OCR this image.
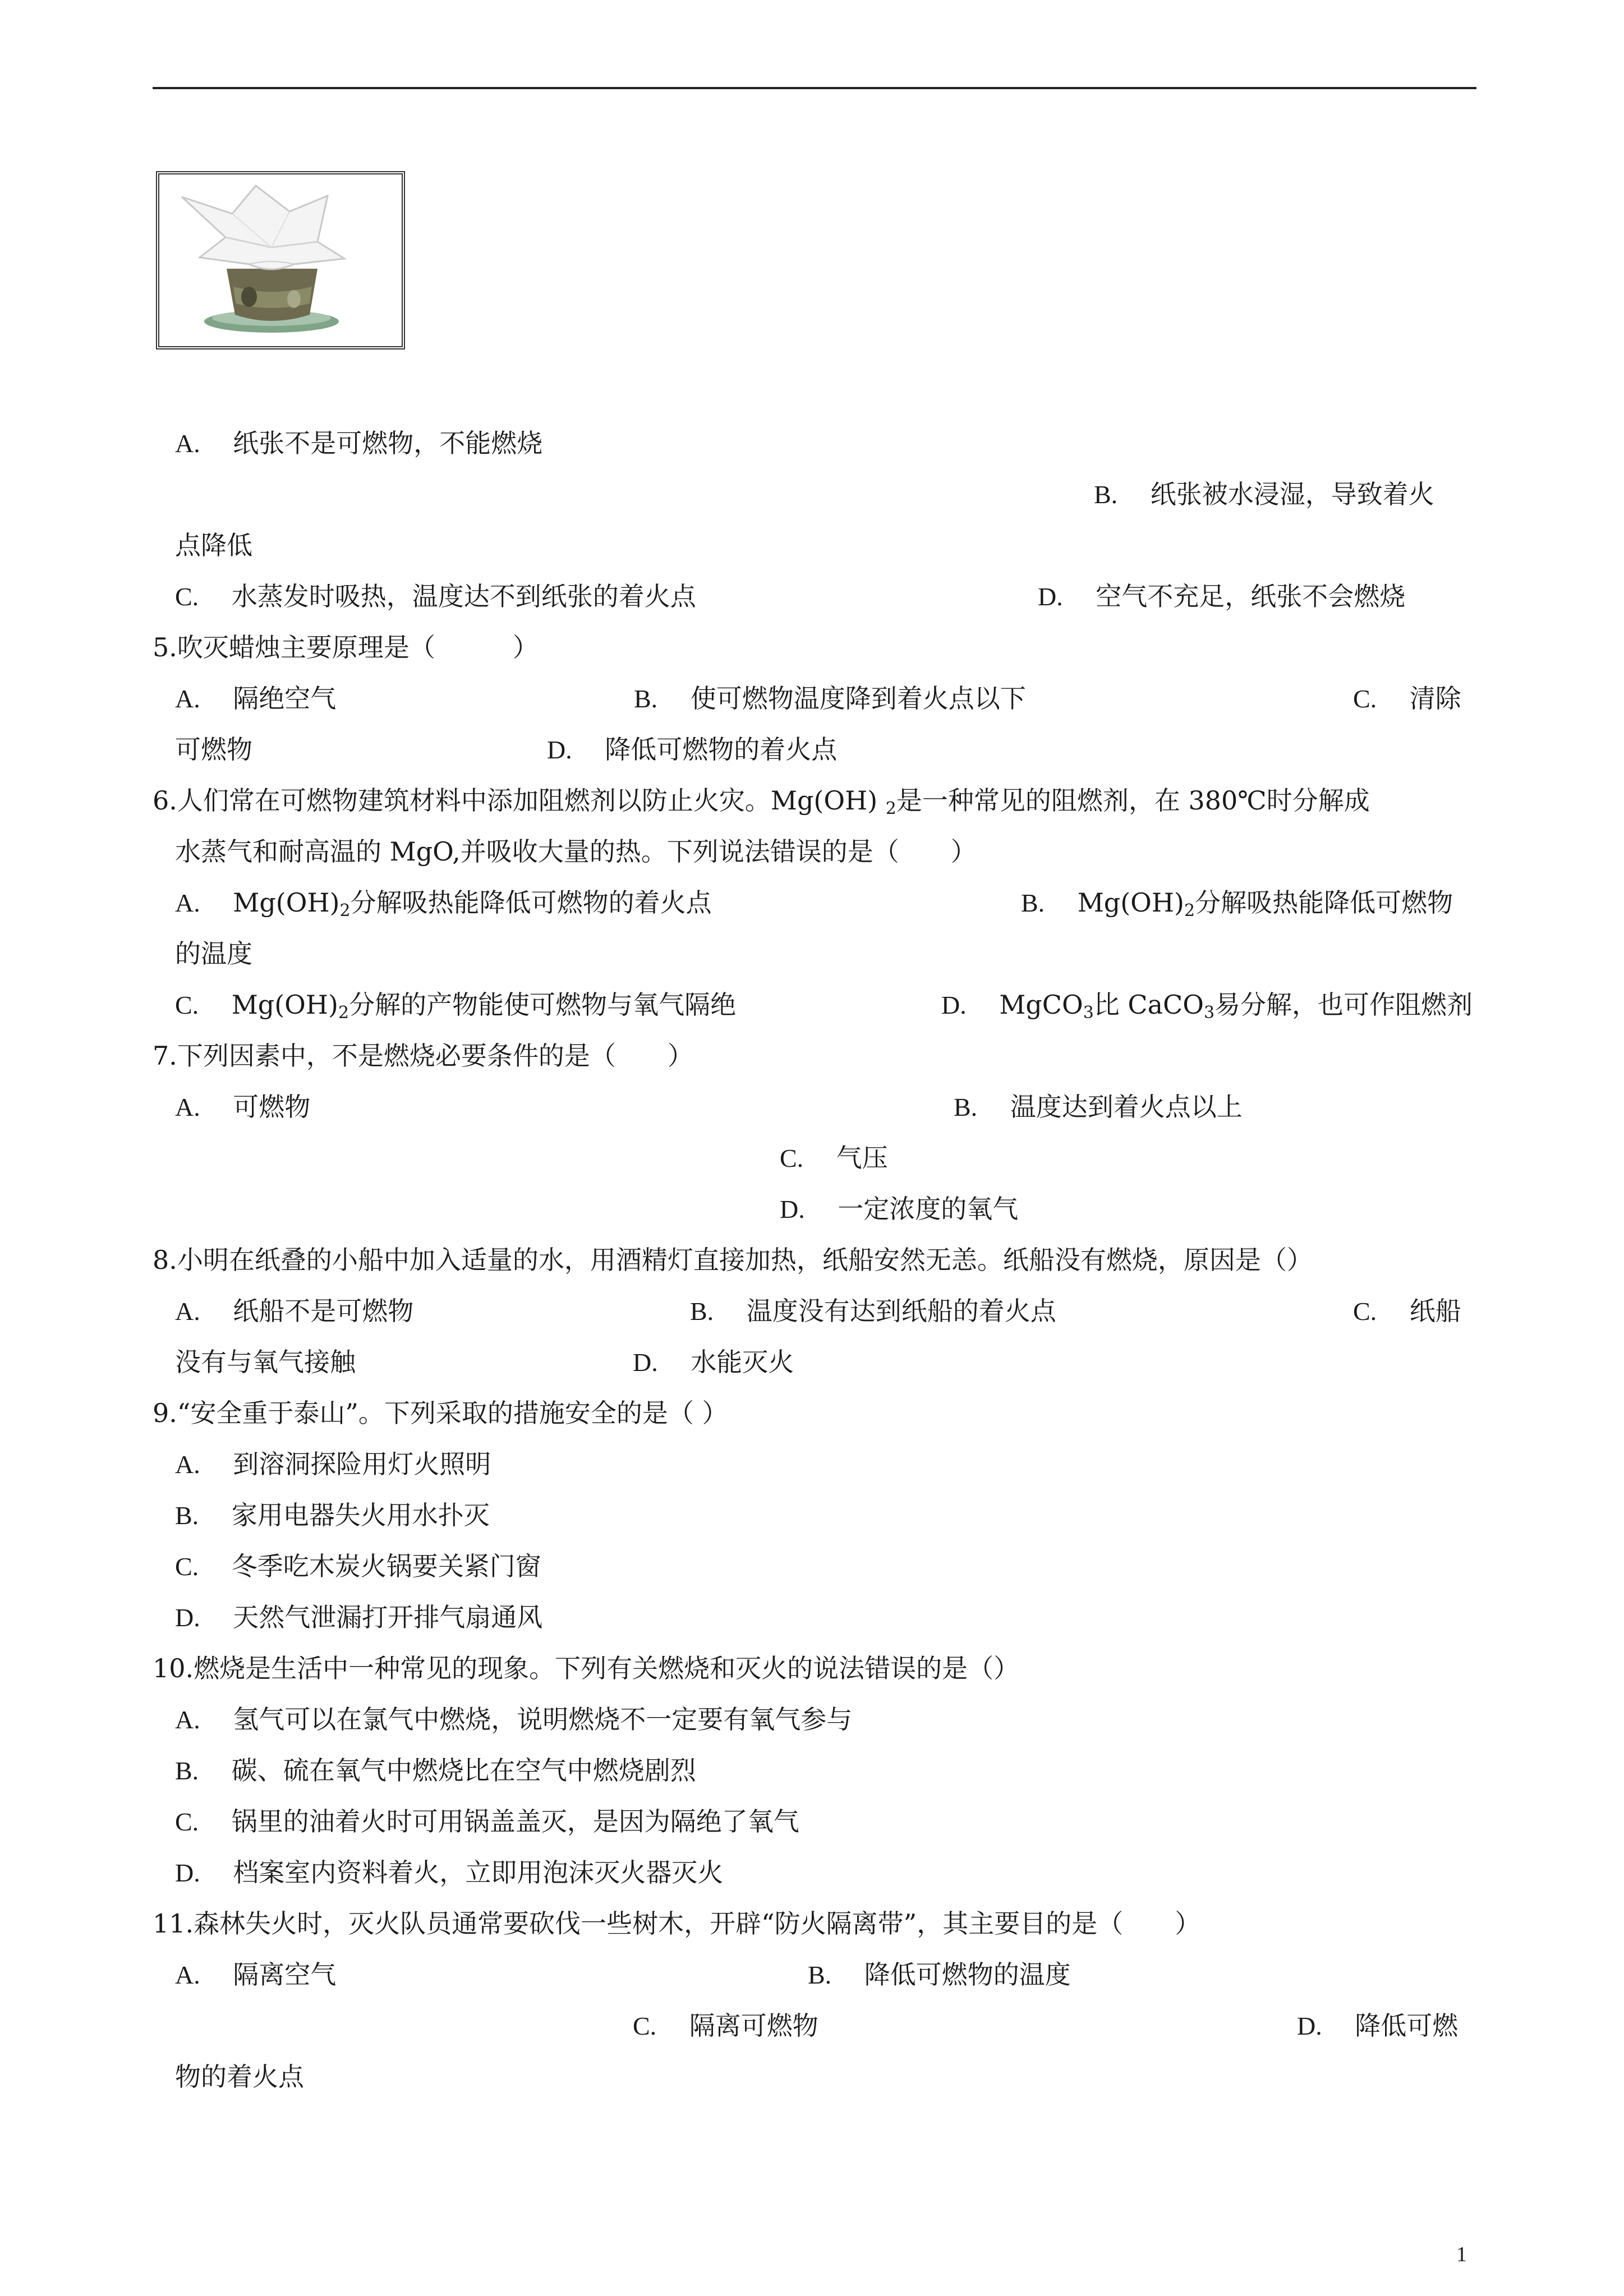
A. 纸张不是可燃物，不能燃烧
B. 纸张被水浸湿，导致着火
点降低
C. 水蒸发时吸热，温度达不到纸张的着火点	D. 空气不充足，纸张不会燃烧
5.吹灭蜡烛主要原理是（　　　）
A. 隔绝空气	B. 使可燃物温度降到着火点以下	C. 清除
可燃物	D. 降低可燃物的着火点
6.人们常在可燃物建筑材料中添加阻燃剂以防止火灾。Mg(OH) $_2$是一种常见的阻燃剂，在 380℃时分解成
水蒸气和耐高温的 MgO,并吸收大量的热。下列说法错误的是（　　）
A. $Mg(OH)_2$分解吸热能降低可燃物的着火点	B. $Mg(OH)_2$分解吸热能降低可燃物
的温度
C. $Mg(OH)_2$分解的产物能使可燃物与氧气隔绝	D. MgCO$_3$比 CaCO$_3$易分解，也可作阻燃剂
7.下列因素中，不是燃烧必要条件的是（　　）
A. 可燃物	B. 温度达到着火点以上
C. 气压
D. 一定浓度的氧气
8.小明在纸叠的小船中加入适量的水，用酒精灯直接加热，纸船安然无恙。纸船没有燃烧，原因是（）
A. 纸船不是可燃物	B. 温度没有达到纸船的着火点	C. 纸船
没有与氧气接触	D. 水能灭火
9.“安全重于泰山”。下列采取的措施安全的是（ ）
A. 到溶洞探险用灯火照明
B. 家用电器失火用水扑灭
C. 冬季吃木炭火锅要关紧门窗
D. 天然气泄漏打开排气扇通风
10.燃烧是生活中一种常见的现象。下列有关燃烧和灭火的说法错误的是（）
A. 氢气可以在氯气中燃烧，说明燃烧不一定要有氧气参与
B. 碳、硫在氧气中燃烧比在空气中燃烧剧烈
C. 锅里的油着火时可用锅盖盖灭，是因为隔绝了氧气
D. 档案室内资料着火，立即用泡沫灭火器灭火
11.森林失火时，灭火队员通常要砍伐一些树木，开辟“防火隔离带”，其主要目的是（　　）
A. 隔离空气	B. 降低可燃物的温度
C. 隔离可燃物	D. 降低可燃
物的着火点
1
